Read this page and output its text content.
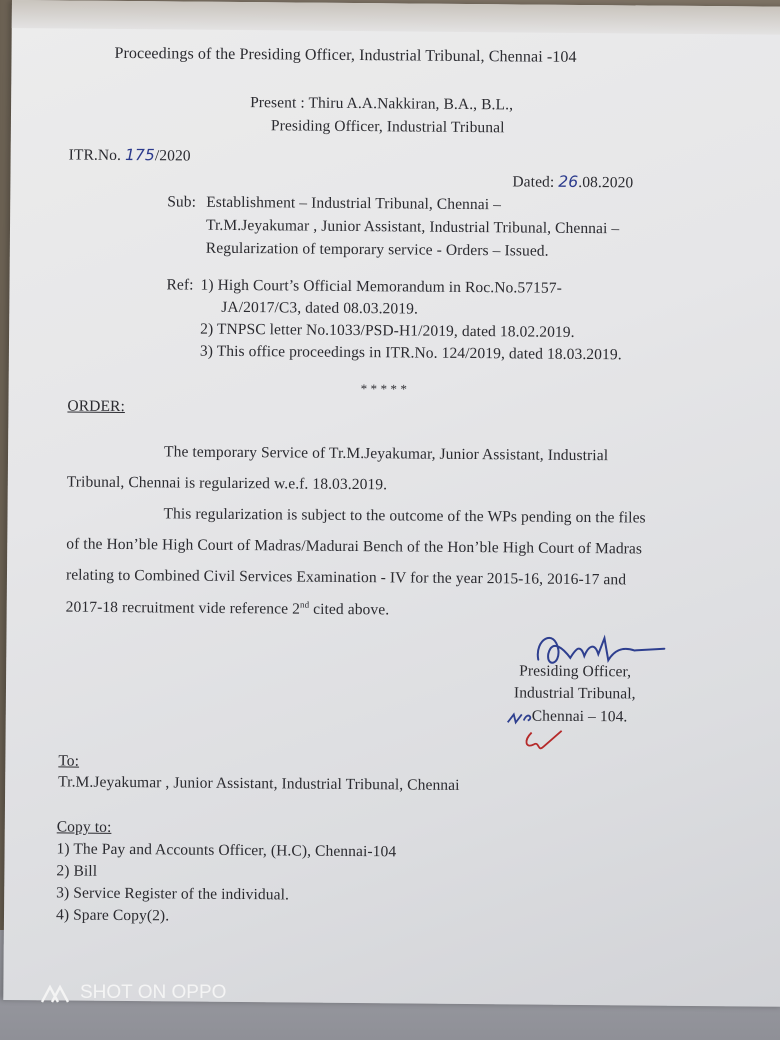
Proceedings of the Presiding Officer, Industrial Tribunal, Chennai -104
Present : Thiru A.A.Nakkiran, B.A., B.L.,
Presiding Officer, Industrial Tribunal
ITR.No. 175/2020
Dated: 26.08.2020
Sub: Establishment – Industrial Tribunal, Chennai –
Tr.M.Jeyakumar , Junior Assistant, Industrial Tribunal, Chennai –
Regularization of temporary service - Orders – Issued.
Ref: 1) High Court’s Official Memorandum in Roc.No.57157-
JA/2017/C3, dated 08.03.2019.
2) TNPSC letter No.1033/PSD-H1/2019, dated 18.02.2019.
3) This office proceedings in ITR.No. 124/2019, dated 18.03.2019.
* * * * *
ORDER:
The temporary Service of Tr.M.Jeyakumar, Junior Assistant, Industrial
Tribunal, Chennai is regularized w.e.f. 18.03.2019.
This regularization is subject to the outcome of the WPs pending on the files
of the Hon’ble High Court of Madras/Madurai Bench of the Hon’ble High Court of Madras
relating to Combined Civil Services Examination - IV for the year 2015-16, 2016-17 and
2017-18 recruitment vide reference 2nd cited above.
Presiding Officer,
Industrial Tribunal,
Chennai – 104.
To:
Tr.M.Jeyakumar , Junior Assistant, Industrial Tribunal, Chennai
Copy to:
1) The Pay and Accounts Officer, (H.C), Chennai-104
2) Bill
3) Service Register of the individual.
4) Spare Copy(2).
SHOT ON OPPO
